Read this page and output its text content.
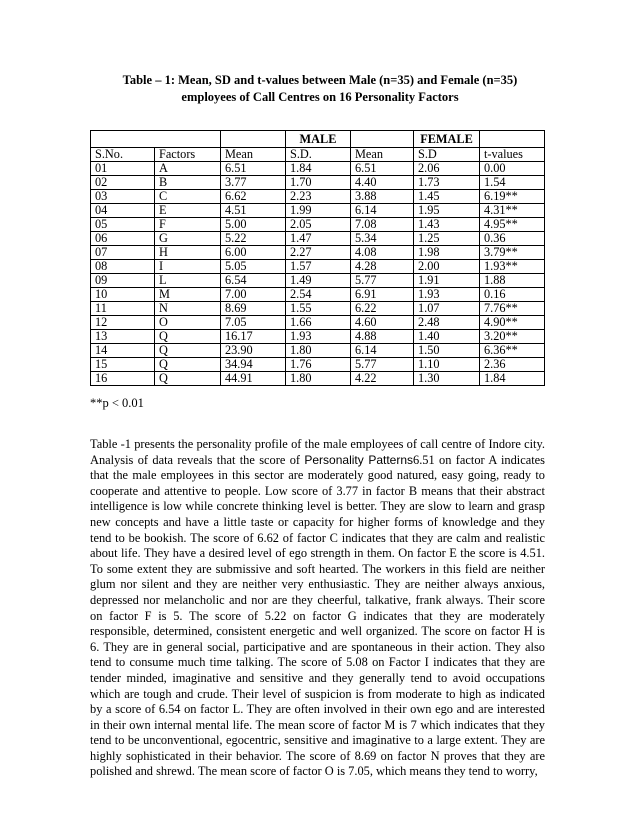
Table – 1: Mean, SD and t-values between Male (n=35) and Female (n=35)
employees of Call Centres on 16 Personality Factors
			MALE		FEMALE	
S.No.	Factors	Mean	S.D.	Mean	S.D	t-values
01	A	6.51	1.84	6.51	2.06	0.00
02	B	3.77	1.70	4.40	1.73	1.54
03	C	6.62	2.23	3.88	1.45	6.19**
04	E	4.51	1.99	6.14	1.95	4.31**
05	F	5.00	2.05	7.08	1.43	4.95**
06	G	5.22	1.47	5.34	1.25	0.36
07	H	6.00	2.27	4.08	1.98	3.79**
08	I	5.05	1.57	4.28	2.00	1.93**
09	L	6.54	1.49	5.77	1.91	1.88
10	M	7.00	2.54	6.91	1.93	0.16
11	N	8.69	1.55	6.22	1.07	7.76**
12	O	7.05	1.66	4.60	2.48	4.90**
13	Q	16.17	1.93	4.88	1.40	3.20**
14	Q	23.90	1.80	6.14	1.50	6.36**
15	Q	34.94	1.76	5.77	1.10	2.36
16	Q	44.91	1.80	4.22	1.30	1.84
**p < 0.01

Table -1 presents the personality profile of the male employees of call centre of Indore city. Analysis of data reveals that the score of Personality Patterns6.51 on factor A indicates that the male employees in this sector are moderately good natured, easy going, ready to cooperate and attentive to people. Low score of 3.77 in factor B means that their abstract intelligence is low while concrete thinking level is better. They are slow to learn and grasp new concepts and have a little taste or capacity for higher forms of knowledge and they tend to be bookish. The score of 6.62 of factor C indicates that they are calm and realistic about life. They have a desired level of ego strength in them. On factor E the score is 4.51. To some extent they are submissive and soft hearted. The workers in this field are neither glum nor silent and they are neither very enthusiastic. They are neither always anxious, depressed nor melancholic and nor are they cheerful, talkative, frank always. Their score on factor F is 5. The score of 5.22 on factor G indicates that they are moderately responsible, determined, consistent energetic and well organized. The score on factor H is 6. They are in general social, participative and are spontaneous in their action. They also tend to consume much time talking. The score of 5.08 on Factor I indicates that they are tender minded, imaginative and sensitive and they generally tend to avoid occupations which are tough and crude. Their level of suspicion is from moderate to high as indicated by a score of 6.54 on factor L. They are often involved in their own ego and are interested in their own internal mental life. The mean score of factor M is 7 which indicates that they tend to be unconventional, egocentric, sensitive and imaginative to a large extent. They are highly sophisticated in their behavior. The score of 8.69 on factor N proves that they are polished and shrewd. The mean score of factor O is 7.05, which means they tend to worry,
